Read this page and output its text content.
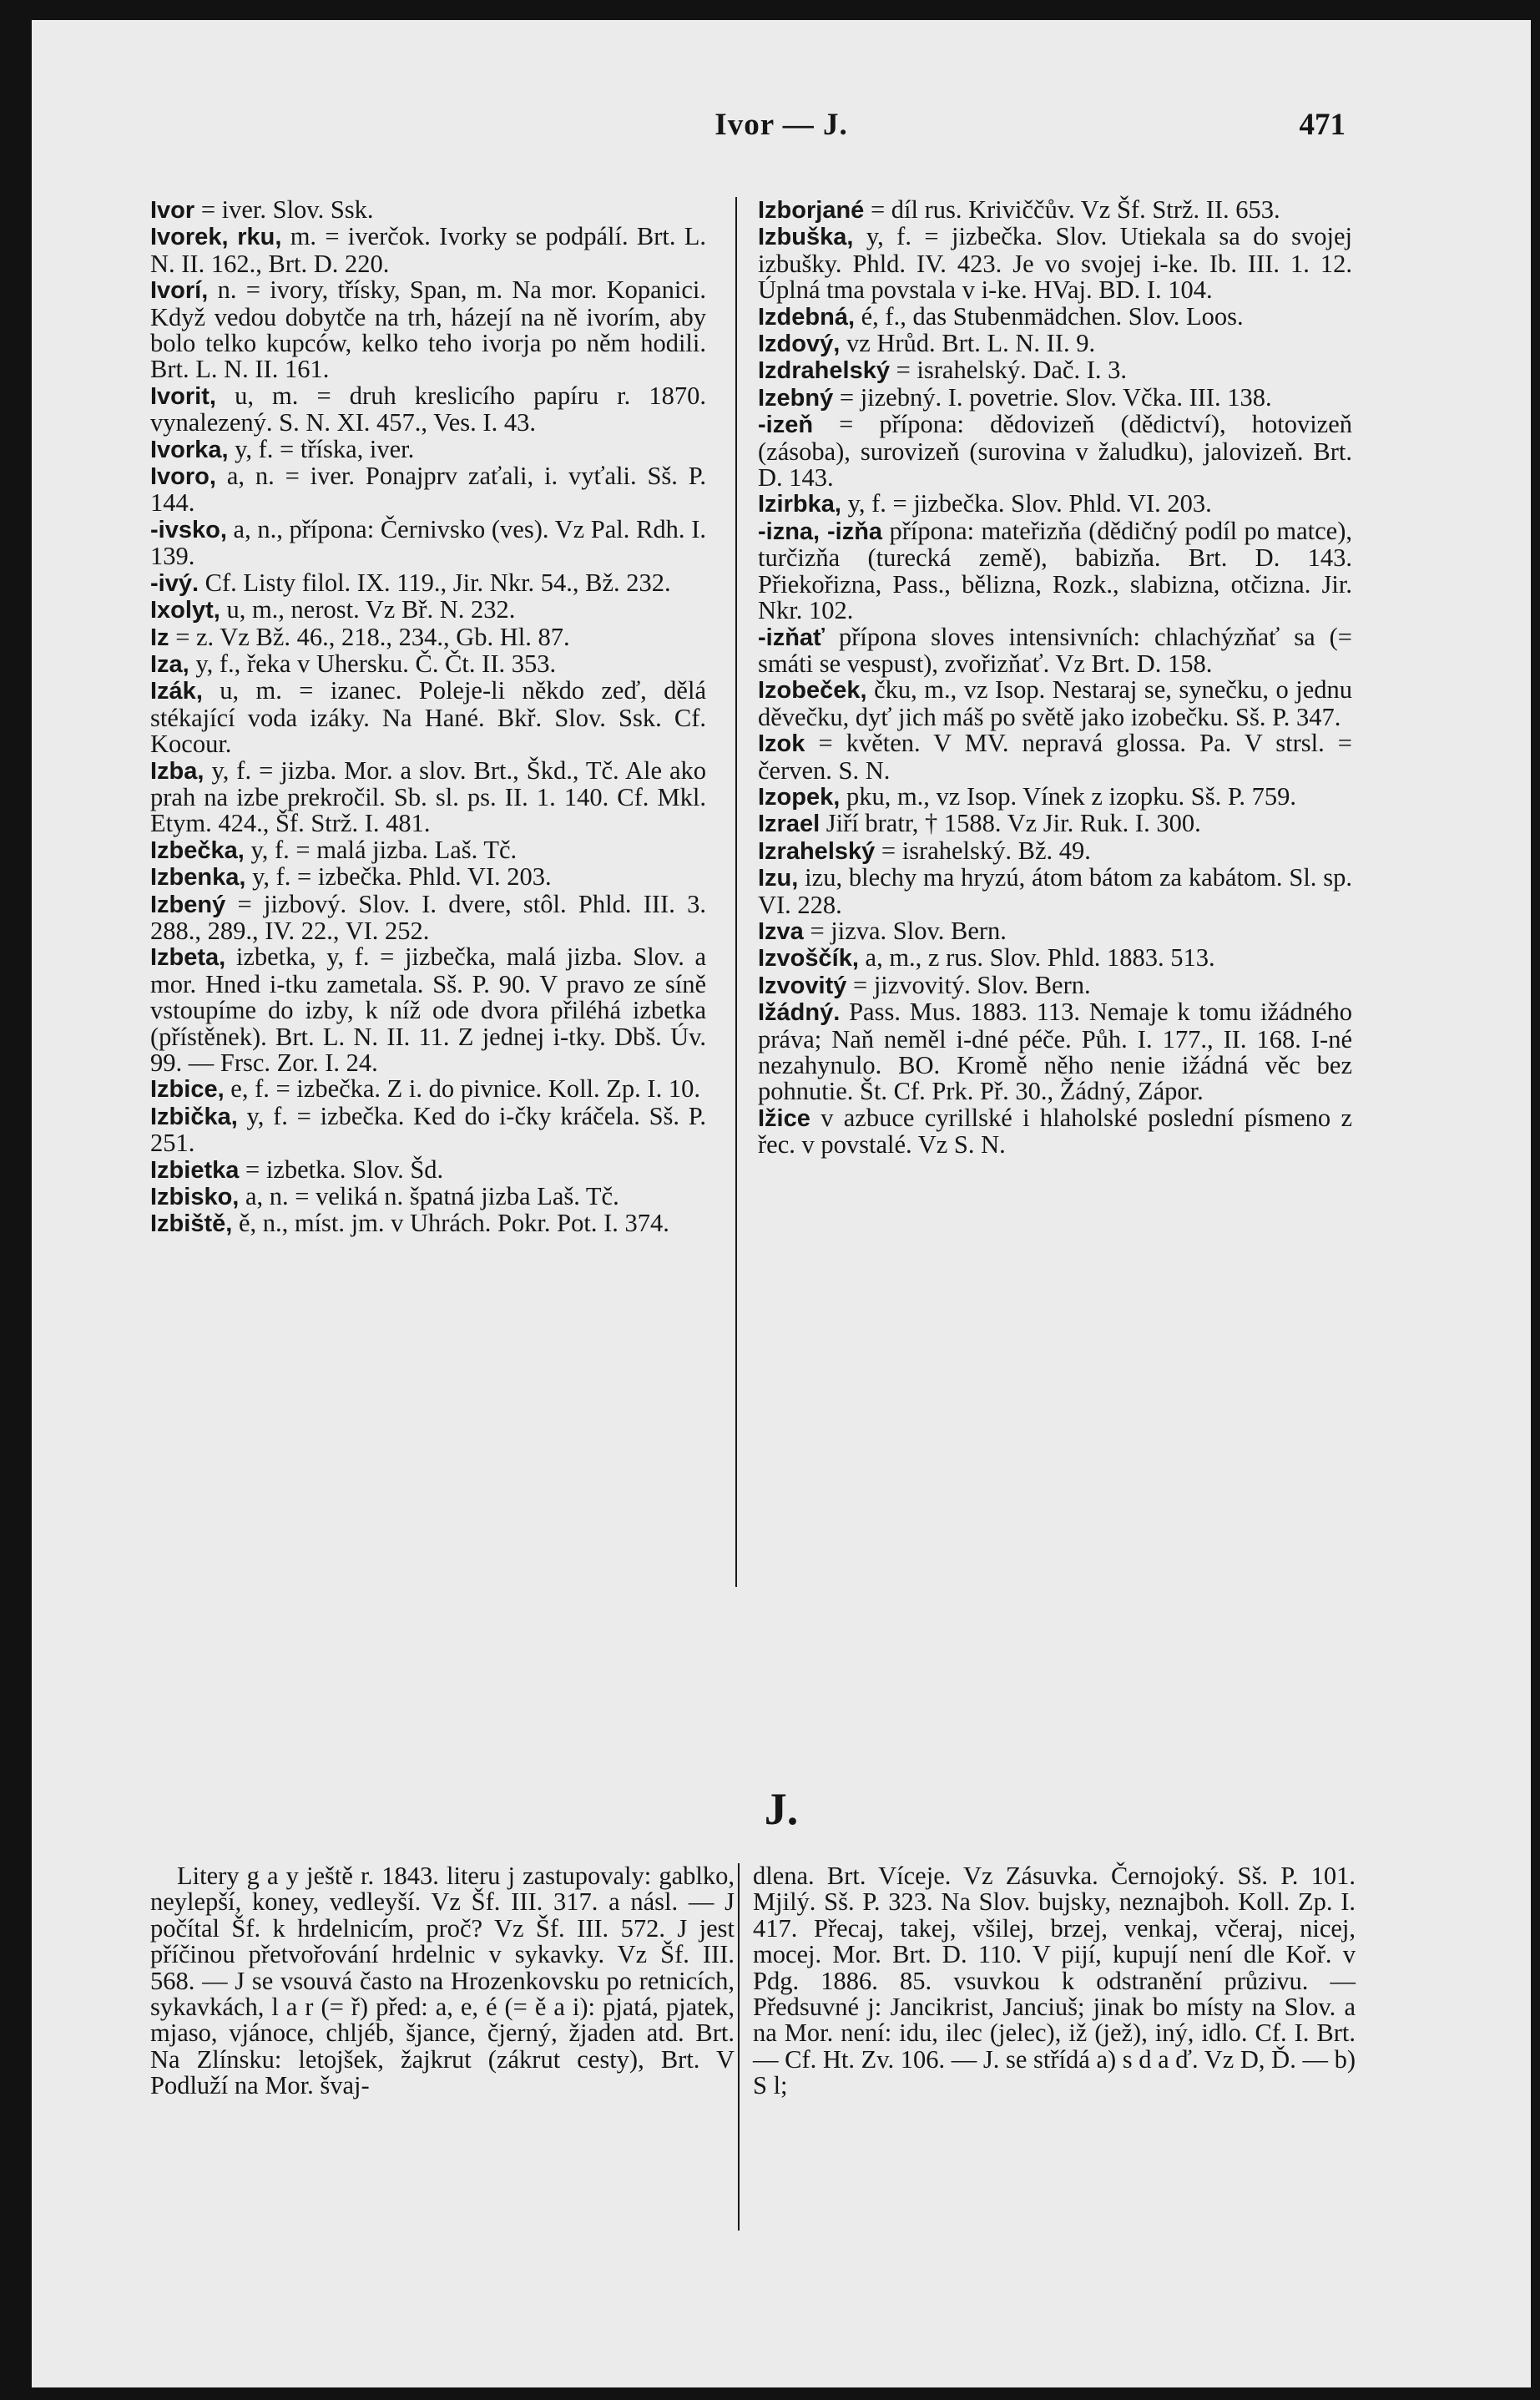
Ivor — J.	471

Ivor = iver. Slov. Ssk.

Ivorek, rku, m. = iverčok. Ivorky se podpálí. Brt. L. N. II. 162., Brt. D. 220.

Ivorí, n. = ivory, třísky, Span, m. Na mor. Kopanici. Když vedou dobytče na trh, házejí na ně ivorím, aby bolo telko kupców, kelko teho ivorja po něm hodili. Brt. L. N. II. 161.

Ivorit, u, m. = druh kreslicího papíru r. 1870. vynalezený. S. N. XI. 457., Ves. I. 43.

Ivorka, y, f. = tříska, iver.

Ivoro, a, n. = iver. Ponajprv zaťali, i. vyťali. Sš. P. 144.

-ivsko, a, n., přípona: Černivsko (ves). Vz Pal. Rdh. I. 139.

-ivý. Cf. Listy filol. IX. 119., Jir. Nkr. 54., Bž. 232.

Ixolyt, u, m., nerost. Vz Bř. N. 232.

Iz = z. Vz Bž. 46., 218., 234., Gb. Hl. 87.

Iza, y, f., řeka v Uhersku. Č. Čt. II. 353.

Izák, u, m. = izanec. Poleje-li někdo zeď, dělá stékající voda izáky. Na Hané. Bkř. Slov. Ssk. Cf. Kocour.

Izba, y, f. = jizba. Mor. a slov. Brt., Škd., Tč. Ale ako prah na izbe prekročil. Sb. sl. ps. II. 1. 140. Cf. Mkl. Etym. 424., Šf. Strž. I. 481.

Izbečka, y, f. = malá jizba. Laš. Tč.

Izbenka, y, f. = izbečka. Phld. VI. 203.

Izbený = jizbový. Slov. I. dvere, stôl. Phld. III. 3. 288., 289., IV. 22., VI. 252.

Izbeta, izbetka, y, f. = jizbečka, malá jizba. Slov. a mor. Hned i-tku zametala. Sš. P. 90. V pravo ze síně vstoupíme do izby, k níž ode dvora přiléhá izbetka (přístěnek). Brt. L. N. II. 11. Z jednej i-tky. Dbš. Úv. 99. — Frsc. Zor. I. 24.

Izbice, e, f. = izbečka. Z i. do pivnice. Koll. Zp. I. 10.

Izbička, y, f. = izbečka. Ked do i-čky kráčela. Sš. P. 251.

Izbietka = izbetka. Slov. Šd.

Izbisko, a, n. = veliká n. špatná jizba Laš. Tč.

Izbiště, ě, n., míst. jm. v Uhrách. Pokr. Pot. I. 374.

Izborjané = díl rus. Kriviččův. Vz Šf. Strž. II. 653.

Izbuška, y, f. = jizbečka. Slov. Utiekala sa do svojej izbušky. Phld. IV. 423. Je vo svojej i-ke. Ib. III. 1. 12. Úplná tma povstala v i-ke. HVaj. BD. I. 104.

Izdebná, é, f., das Stubenmädchen. Slov. Loos.

Izdový, vz Hrůd. Brt. L. N. II. 9.

Izdrahelský = israhelský. Dač. I. 3.

Izebný = jizebný. I. povetrie. Slov. Včka. III. 138.

-izeň = přípona: dědovizeň (dědictví), hotovizeň (zásoba), surovizeň (surovina v žaludku), jalovizeň. Brt. D. 143.

Izirbka, y, f. = jizbečka. Slov. Phld. VI. 203.

-izna, -izňa přípona: mateřizňa (dědičný podíl po matce), turčizňa (turecká země), babizňa. Brt. D. 143. Přiekořizna, Pass., bělizna, Rozk., slabizna, otčizna. Jir. Nkr. 102.

-izňať přípona sloves intensivních: chlachýzňať sa (= smáti se vespust), zvořizňať. Vz Brt. D. 158.

Izobeček, čku, m., vz Isop. Nestaraj se, synečku, o jednu děvečku, dyť jich máš po světě jako izobečku. Sš. P. 347.

Izok = květen. V MV. nepravá glossa. Pa. V strsl. = červen. S. N.

Izopek, pku, m., vz Isop. Vínek z izopku. Sš. P. 759.

Izrael Jiří bratr, † 1588. Vz Jir. Ruk. I. 300.

Izrahelský = israhelský. Bž. 49.

Izu, izu, blechy ma hryzú, átom bátom za kabátom. Sl. sp. VI. 228.

Izva = jizva. Slov. Bern.

Izvoščík, a, m., z rus. Slov. Phld. 1883. 513.

Izvovitý = jizvovitý. Slov. Bern.

Ižádný. Pass. Mus. 1883. 113. Nemaje k tomu ižádného práva; Naň neměl i-dné péče. Půh. I. 177., II. 168. I-né nezahynulo. BO. Kromě něho nenie ižádná věc bez pohnutie. Št. Cf. Prk. Př. 30., Žádný, Zápor.

Ižice v azbuce cyrillské i hlaholské poslední písmeno z řec. v povstalé. Vz S. N.

J.

Litery g a y ještě r. 1843. literu j zastupovaly: gablko, neylepší, koney, vedleyší. Vz Šf. III. 317. a násl. — J počítal Šf. k hrdelnicím, proč? Vz Šf. III. 572. J jest příčinou přetvořování hrdelnic v sykavky. Vz Šf. III. 568. — J se vsouvá často na Hrozenkovsku po retnicích, sykavkách, l a r (= ř) před: a, e, é (= ě a i): pjatá, pjatek, mjaso, vjánoce, chljéb, šjance, čjerný, žjaden atd. Brt. Na Zlínsku: letojšek, žajkrut (zákrut cesty), Brt. V Podluží na Mor. švaj-

dlena. Brt. Víceje. Vz Zásuvka. Černojoký. Sš. P. 101. Mjilý. Sš. P. 323. Na Slov. bujsky, neznajboh. Koll. Zp. I. 417. Přecaj, takej, všilej, brzej, venkaj, včeraj, nicej, mocej. Mor. Brt. D. 110. V pijí, kupují není dle Koř. v Pdg. 1886. 85. vsuvkou k odstranění průzivu. — Předsuvné j: Jancikrist, Janciuš; jinak bo místy na Slov. a na Mor. není: idu, ilec (jelec), iž (jež), iný, idlo. Cf. I. Brt. — Cf. Ht. Zv. 106. — J. se střídá a) s d a ď. Vz D, Ď. — b) S l;
